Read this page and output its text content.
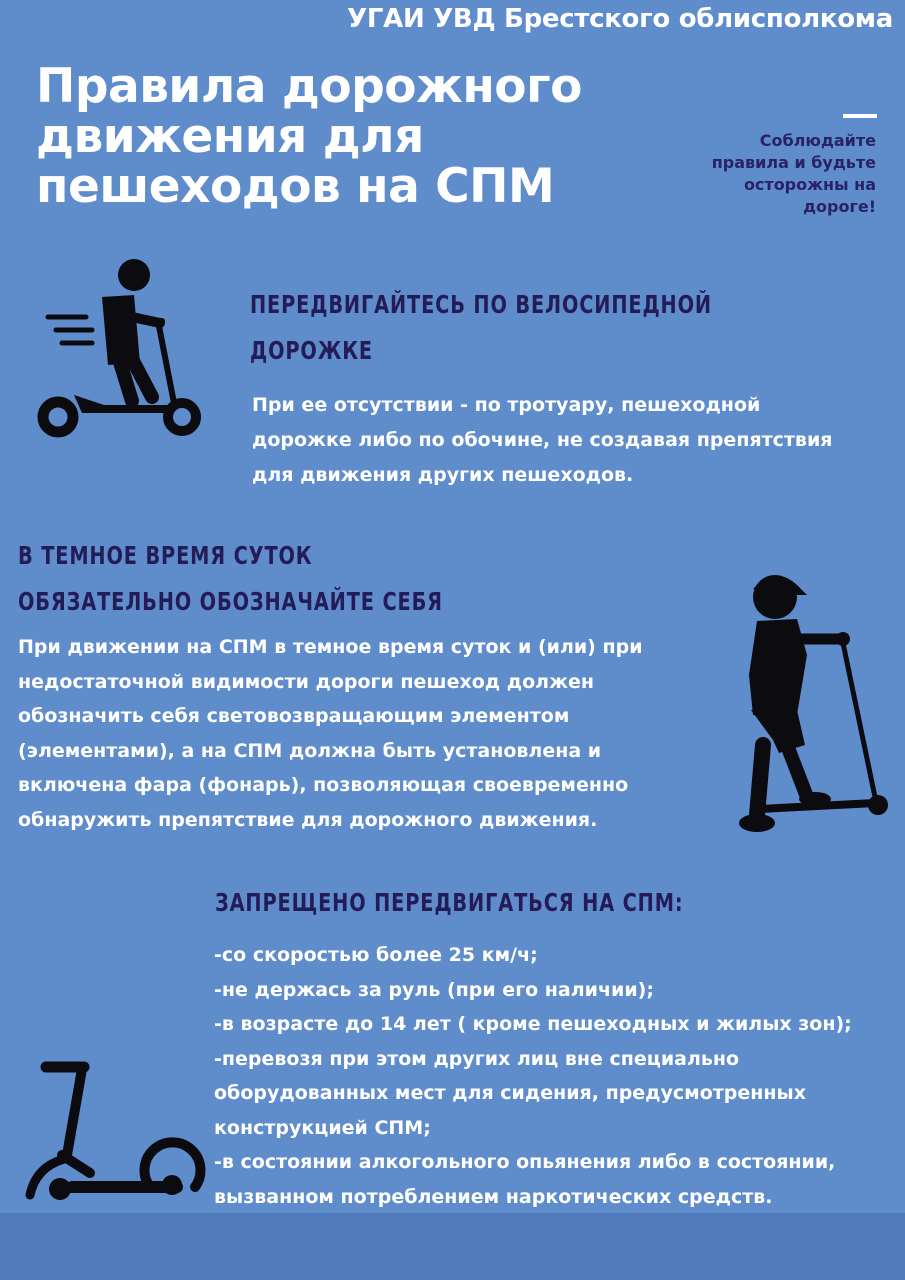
УГАИ УВД Брестского облисполкома
Правила дорожного
движения для
пешеходов на СПМ
Соблюдайте
правила и будьте
осторожны на
дороге!
ПЕРЕДВИГАЙТЕСЬ ПО ВЕЛОСИПЕДНОЙ
ДОРОЖКЕ
При ее отсутствии - по тротуару, пешеходной
дорожке либо по обочине, не создавая препятствия
для движения других пешеходов.
В ТЕМНОЕ ВРЕМЯ СУТОК
ОБЯЗАТЕЛЬНО ОБОЗНАЧАЙТЕ СЕБЯ
При движении на СПМ в темное время суток и (или) при
недостаточной видимости дороги пешеход должен
обозначить себя световозвращающим элементом
(элементами), а на СПМ должна быть установлена и
включена фара (фонарь), позволяющая своевременно
обнаружить препятствие для дорожного движения.
ЗАПРЕЩЕНО ПЕРЕДВИГАТЬСЯ НА СПМ:
-со скоростью более 25 км/ч;
-не держась за руль (при его наличии);
-в возрасте до 14 лет ( кроме пешеходных и жилых зон);
-перевозя при этом других лиц вне специально
оборудованных мест для сидения, предусмотренных
конструкцией СПМ;
-в состоянии алкогольного опьянения либо в состоянии,
вызванном потреблением наркотических средств.
